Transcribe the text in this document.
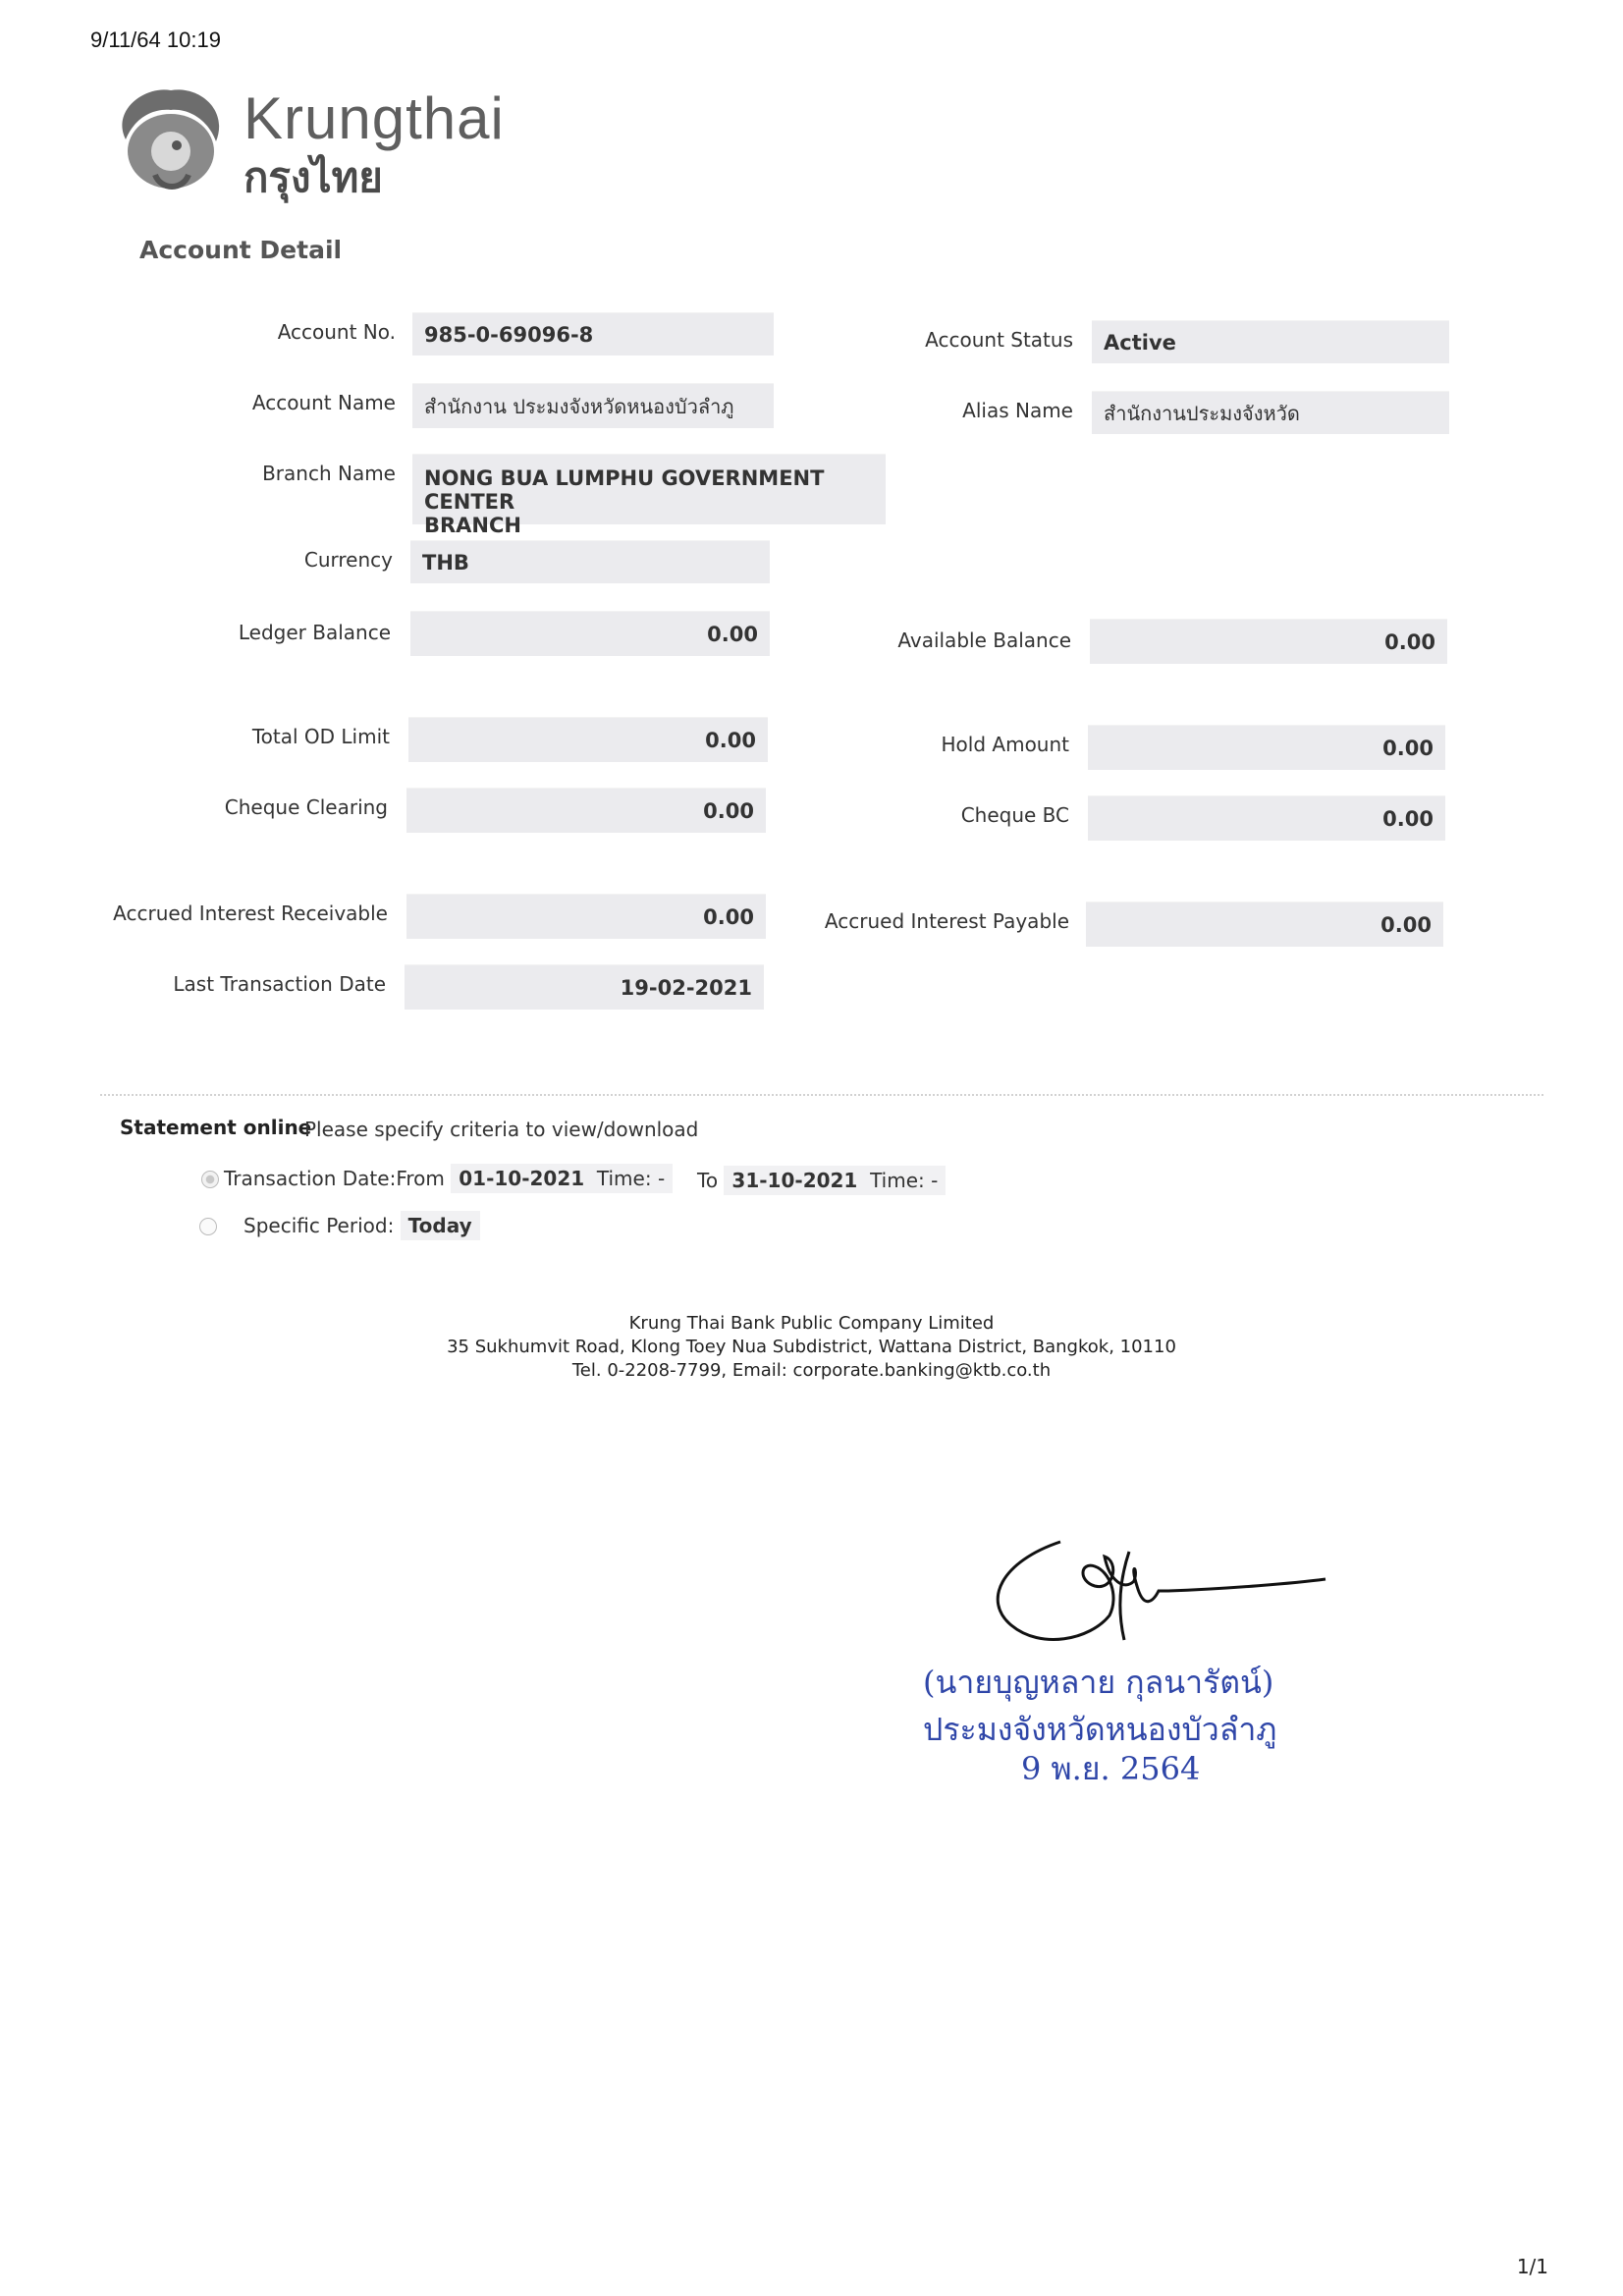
9/11/64 10:19
Krungthai
กรุงไทย
Account Detail
Account No.	985-0-69096-8
Account Name	สำนักงาน ประมงจังหวัดหนองบัวลำภู
Branch Name NONG BUA LUMPHU GOVERNMENT CENTER
BRANCH
Currency	THB
Ledger Balance	0.00
Total OD Limit	0.00
Cheque Clearing	0.00
Accrued Interest Receivable	0.00
Last Transaction Date	19-02-2021
Account Status	Active
Alias Name	สำนักงานประมงจังหวัด
Available Balance	0.00
Hold Amount	0.00
Cheque BC	0.00
Accrued Interest Payable	0.00
Statement online
Please specify criteria to view/download
Transaction Date:From 01-10-2021 Time: -	To 31-10-2021 Time: -
Specific Period: Today
Krung Thai Bank Public Company Limited
35 Sukhumvit Road, Klong Toey Nua Subdistrict, Wattana District, Bangkok, 10110
Tel. 0-2208-7799, Email: corporate.banking@ktb.co.th
(นายบุญหลาย กุลนารัตน์)
ประมงจังหวัดหนองบัวลำภู
9 พ.ย. 2564
1/1
